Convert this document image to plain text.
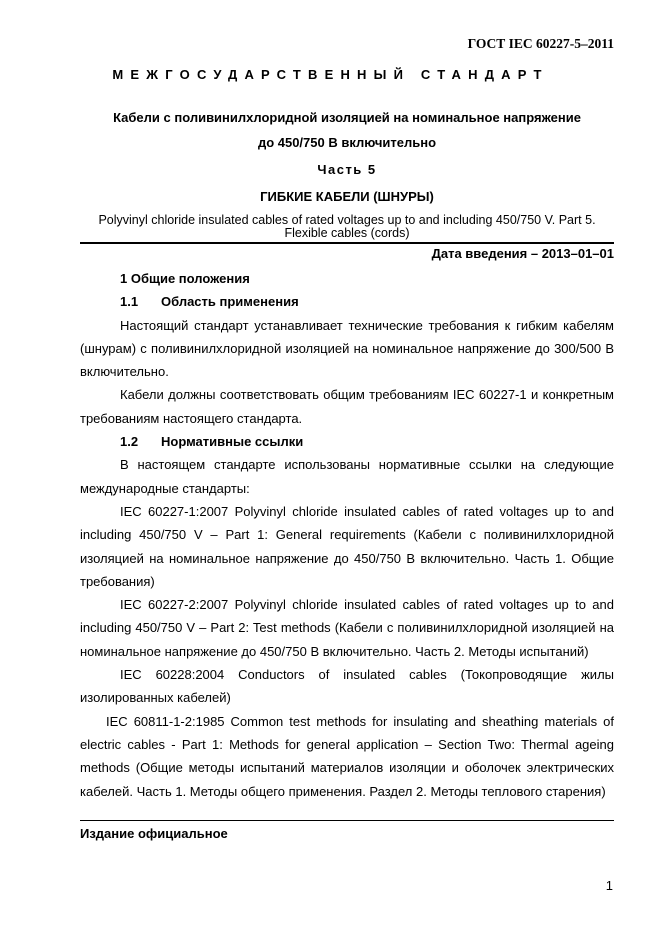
ГОСТ IEC 60227-5–2011
МЕЖГОСУДАРСТВЕННЫЙ СТАНДАРТ
Кабели с поливинилхлоридной изоляцией на номинальное напряжение
до 450/750 В включительно
Часть 5
ГИБКИЕ КАБЕЛИ (ШНУРЫ)
Polyvinyl chloride insulated cables of rated voltages up to and including 450/750 V. Part 5.
Flexible cables (cords)
Дата введения – 2013–01–01

1 Общие положения

1.1 Область применения

Настоящий стандарт устанавливает технические требования к гибким кабелям (шнурам) с поливинилхлоридной изоляцией на номинальное напряжение до 300/500 В включительно.

Кабели должны соответствовать общим требованиям IEC 60227-1 и конкретным требованиям настоящего стандарта.

1.2 Нормативные ссылки

В настоящем стандарте использованы нормативные ссылки на следующие международные стандарты:

IEC 60227-1:2007 Polyvinyl chloride insulated cables of rated voltages up to and including 450/750 V – Part 1: General requirements (Кабели с поливинилхлоридной изоляцией на номинальное напряжение до 450/750 В включительно. Часть 1. Общие требования)

IEC 60227-2:2007 Polyvinyl chloride insulated cables of rated voltages up to and including 450/750 V – Part 2: Test methods (Кабели с поливинилхлоридной изоляцией на номинальное напряжение до 450/750 В включительно. Часть 2. Методы испытаний)

IEC 60228:2004 Conductors of insulated cables (Токопроводящие жилы изолированных кабелей)

IEC 60811-1-2:1985 Common test methods for insulating and sheathing materials of electric cables - Part 1: Methods for general application – Section Two: Thermal ageing methods (Общие методы испытаний материалов изоляции и оболочек электрических кабелей. Часть 1. Методы общего применения. Раздел 2. Методы теплового старения)

Издание официальное
1
